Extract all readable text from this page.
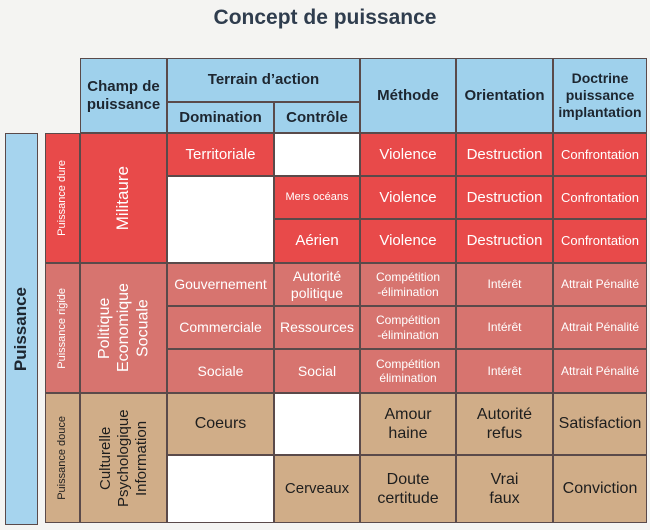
Concept de puissance
Puissance
Champ de puissance
Terrain d’action
Domination	Contrôle
Méthode	Orientation
Doctrine puissance implantation
Puissance dure
Puissance rigide
Puissance douce
Militaure
Politique Economique Socuale
Culturelle Psychologique Information
Territoriale
Gouvernement
Commerciale
Sociale
Coeurs
Mers océans
Aérien
Autorité politique
Ressources
Social
Cerveaux
Violence
Violence
Violence
Compétition -élimination
Compétition -élimination
Compétition élimination
Amour haine
Doute certitude
Destruction
Destruction
Destruction
Intérêt
Intérêt
Intérêt
Autorité refus
Vrai faux
Confrontation
Confrontation
Confrontation
Attrait Pénalité
Attrait Pénalité
Attrait Pénalité
Satisfaction
Conviction
